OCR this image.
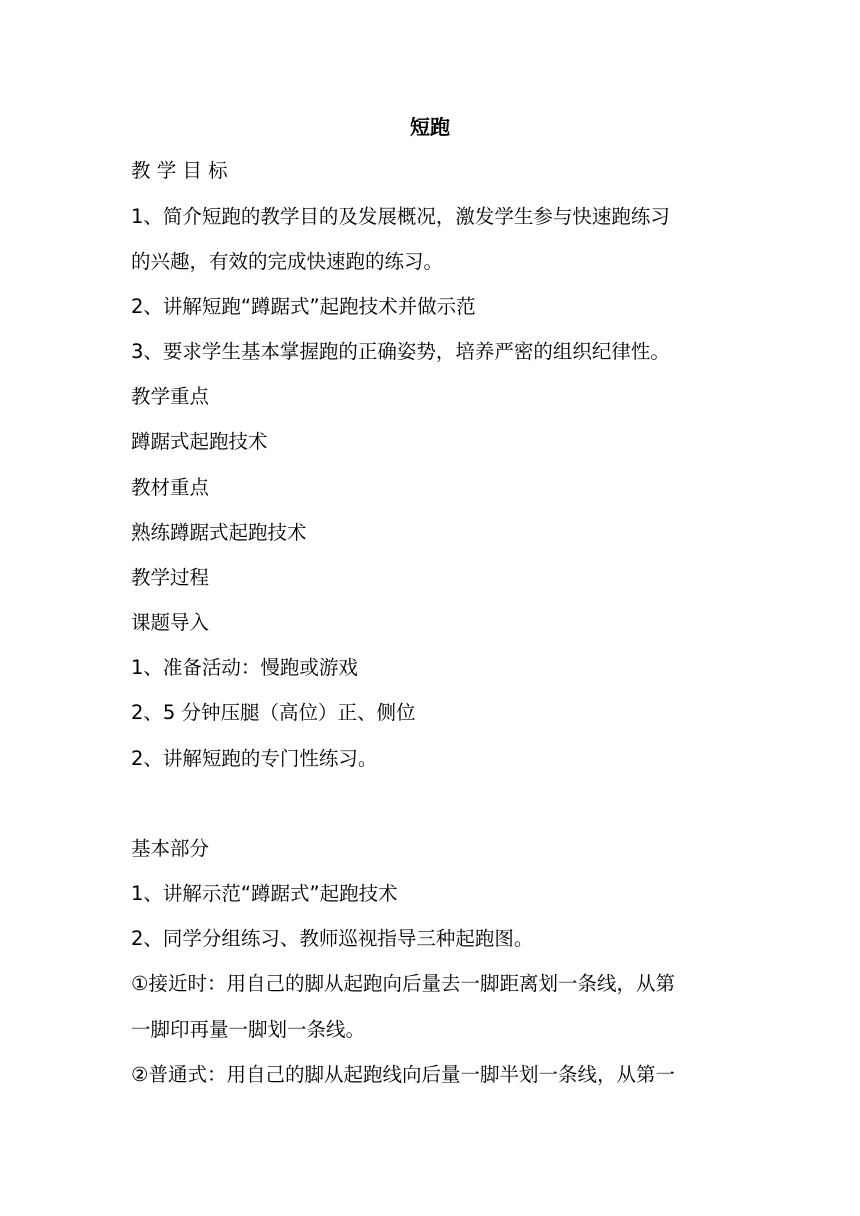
短跑
教 学 目 标
1、简介短跑的教学目的及发展概况，激发学生参与快速跑练习
的兴趣，有效的完成快速跑的练习。
2、讲解短跑“蹲踞式”起跑技术并做示范
3、要求学生基本掌握跑的正确姿势，培养严密的组织纪律性。
教学重点
蹲踞式起跑技术
教材重点
熟练蹲踞式起跑技术
教学过程
课题导入
1、准备活动：慢跑或游戏
2、5 分钟压腿（高位）正、侧位
2、讲解短跑的专门性练习。
基本部分
1、讲解示范“蹲踞式”起跑技术
2、同学分组练习、教师巡视指导三种起跑图。
①接近时：用自己的脚从起跑向后量去一脚距离划一条线，从第
一脚印再量一脚划一条线。
②普通式：用自己的脚从起跑线向后量一脚半划一条线，从第一
